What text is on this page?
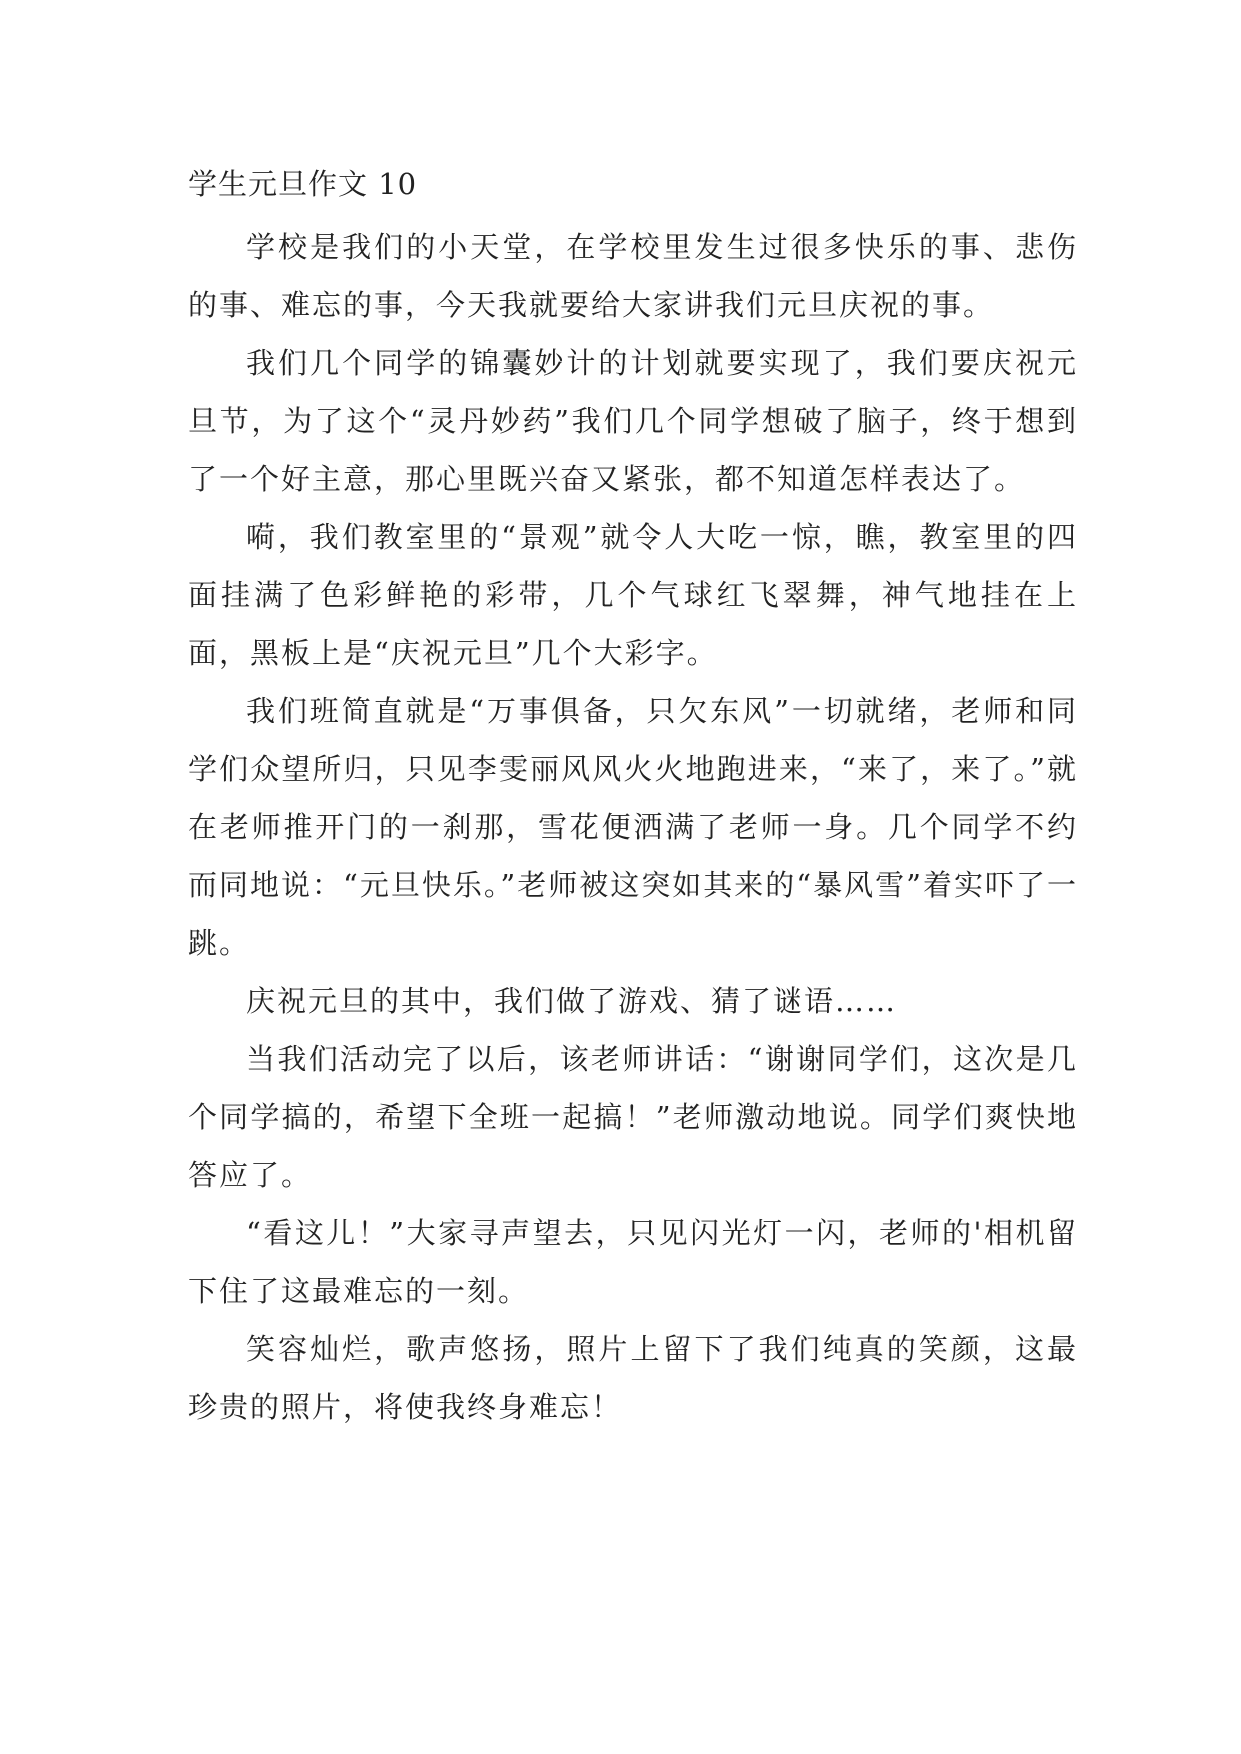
学生元旦作文 10

学校是我们的小天堂，在学校里发生过很多快乐的事、悲伤的事、难忘的事，今天我就要给大家讲我们元旦庆祝的事。

我们几个同学的锦囊妙计的计划就要实现了，我们要庆祝元旦节，为了这个“灵丹妙药”我们几个同学想破了脑子，终于想到了一个好主意，那心里既兴奋又紧张，都不知道怎样表达了。

嗬，我们教室里的“景观”就令人大吃一惊，瞧，教室里的四面挂满了色彩鲜艳的彩带，几个气球红飞翠舞，神气地挂在上面，黑板上是“庆祝元旦”几个大彩字。

我们班简直就是“万事俱备，只欠东风”一切就绪，老师和同学们众望所归，只见李雯丽风风火火地跑进来，“来了，来了。”就在老师推开门的一刹那，雪花便洒满了老师一身。几个同学不约而同地说：“元旦快乐。”老师被这突如其来的“暴风雪”着实吓了一跳。

庆祝元旦的其中，我们做了游戏、猜了谜语……

当我们活动完了以后，该老师讲话：“谢谢同学们，这次是几个同学搞的，希望下全班一起搞！”老师激动地说。同学们爽快地答应了。

“看这儿！”大家寻声望去，只见闪光灯一闪，老师的'相机留下住了这最难忘的一刻。

笑容灿烂，歌声悠扬，照片上留下了我们纯真的笑颜，这最珍贵的照片，将使我终身难忘！
